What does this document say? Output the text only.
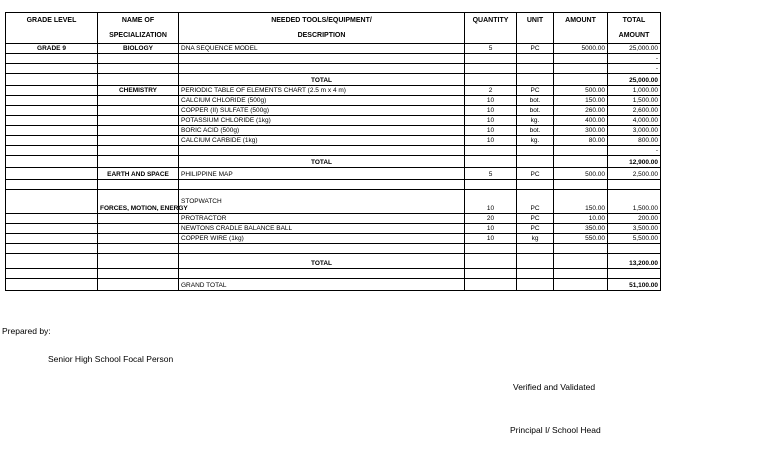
GRADE LEVEL	NAME OF	NEEDED TOOLS/EQUIPMENT/	QUANTITY	UNIT	AMOUNT	TOTAL
	SPECIALIZATION	DESCRIPTION				AMOUNT
GRADE 9	BIOLOGY	DNA SEQUENCE MODEL	5	PC	5000.00	25,000.00
						-
						-
		TOTAL				25,000.00
	CHEMISTRY	PERIODIC TABLE OF ELEMENTS CHART (2.5 m x 4 m)	2	PC	500.00	1,000.00
		CALCIUM CHLORIDE (500g)	10	bot.	150.00	1,500.00
		COPPER (II) SULFATE (500g)	10	bot.	260.00	2,600.00
		POTASSIUM CHLORIDE (1kg)	10	kg.	400.00	4,000.00
		BORIC ACID (500g)	10	bot.	300.00	3,000.00
		CALCIUM CARBIDE (1kg)	10	kg.	80.00	800.00
						-
		TOTAL				12,900.00
	EARTH AND SPACE	PHILIPPINE MAP	5	PC	500.00	2,500.00

	FORCES, MOTION, ENERGY	STOPWATCH	10	PC	150.00	1,500.00
		PROTRACTOR	20	PC	10.00	200.00
		NEWTONS CRADLE BALANCE BALL	10	PC	350.00	3,500.00
		COPPER WIRE (1kg)	10	kg	550.00	5,500.00

		TOTAL				13,200.00

		GRAND TOTAL				51,100.00
Prepared by:
Senior High School Focal Person
Verified and Validated
Principal I/ School Head
